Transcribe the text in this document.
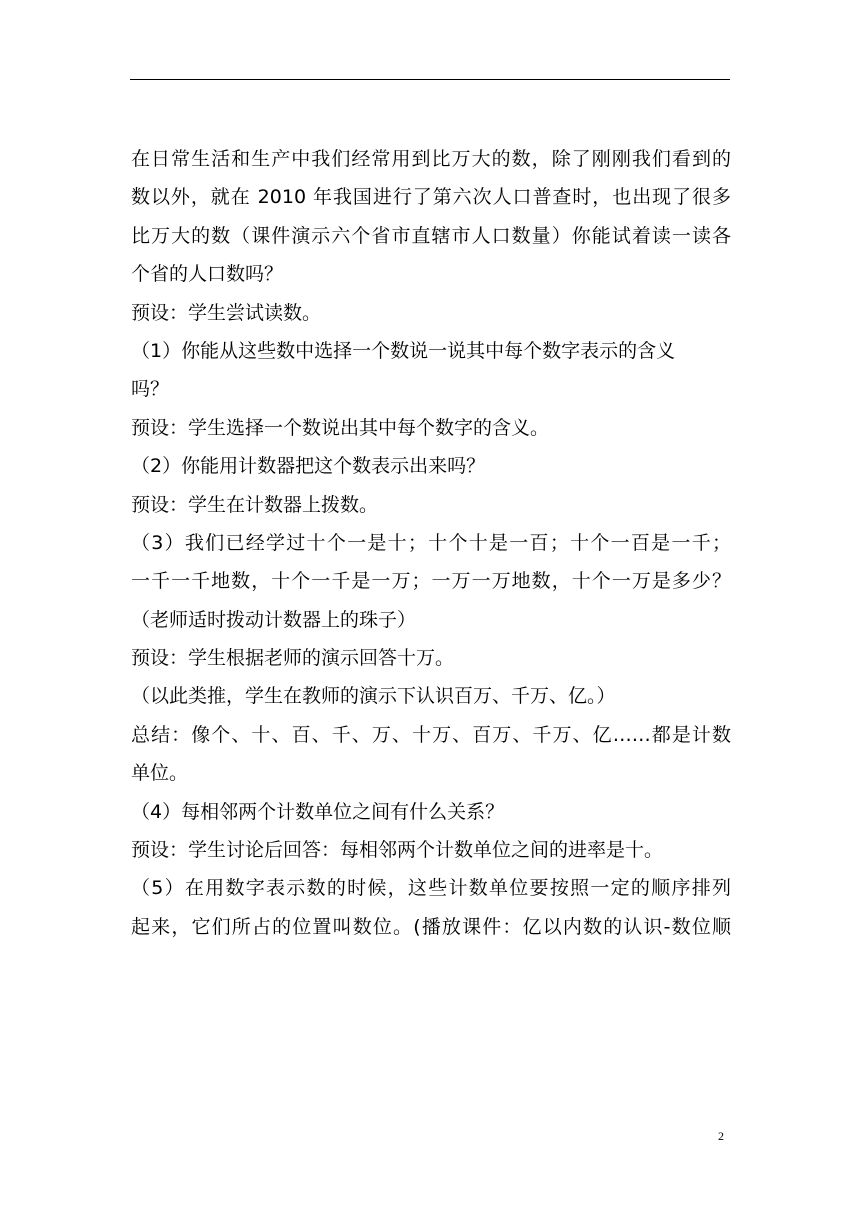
在日常生活和生产中我们经常用到比万大的数，除了刚刚我们看到的
数以外，就在 2010 年我国进行了第六次人口普查时，也出现了很多
比万大的数（课件演示六个省市直辖市人口数量）你能试着读一读各
个省的人口数吗？
预设：学生尝试读数。
（1）你能从这些数中选择一个数说一说其中每个数字表示的含义
吗？
预设：学生选择一个数说出其中每个数字的含义。
（2）你能用计数器把这个数表示出来吗？
预设：学生在计数器上拨数。
（3）我们已经学过十个一是十；十个十是一百；十个一百是一千；
一千一千地数，十个一千是一万；一万一万地数，十个一万是多少？
（老师适时拨动计数器上的珠子）
预设：学生根据老师的演示回答十万。
（以此类推，学生在教师的演示下认识百万、千万、亿。）
总结：像个、十、百、千、万、十万、百万、千万、亿……都是计数
单位。
（4）每相邻两个计数单位之间有什么关系？
预设：学生讨论后回答：每相邻两个计数单位之间的进率是十。
（5）在用数字表示数的时候，这些计数单位要按照一定的顺序排列
起来，它们所占的位置叫数位。(播放课件：亿以内数的认识-数位顺
2
